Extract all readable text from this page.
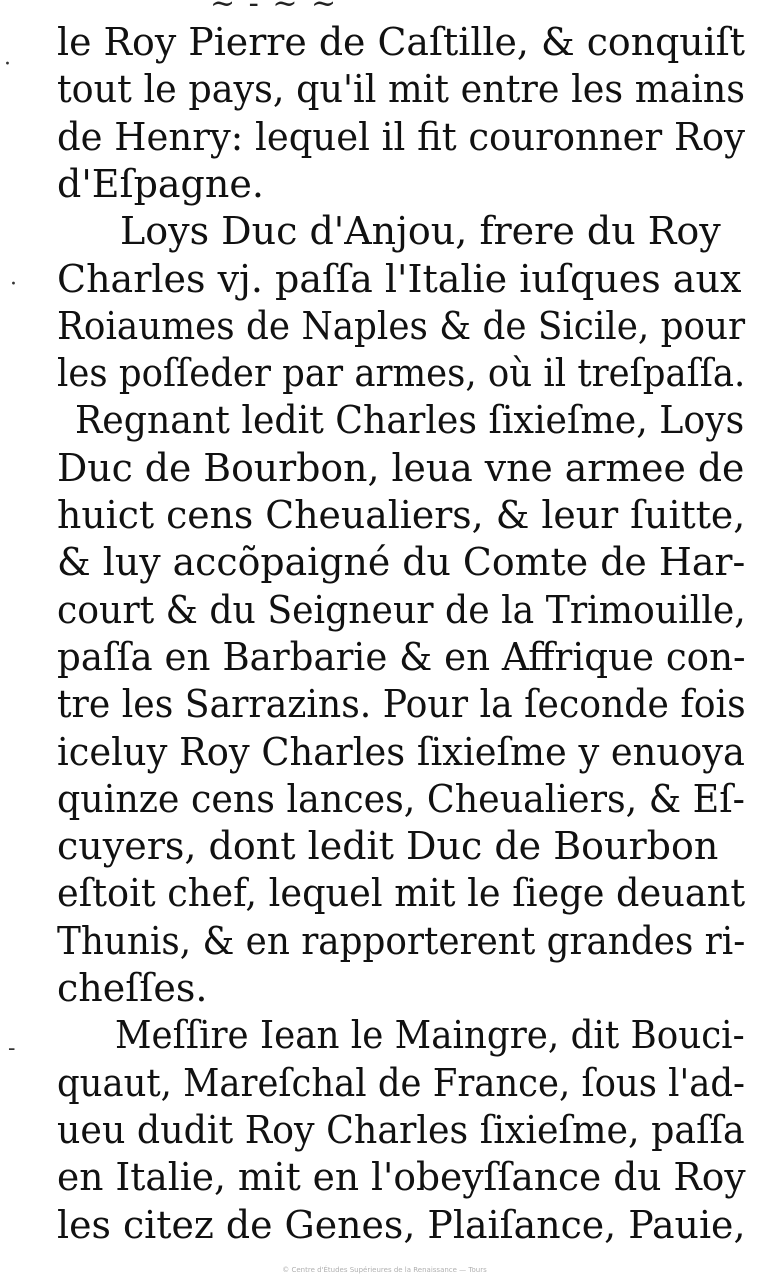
~ - ~ ~
·
·
-
le Roy Pierre de Caſtille, & conquiſt
tout le pays, qu'il mit entre les mains
de Henry: lequel il fit couronner Roy
d'Eſpagne.
Loys Duc d'Anjou, frere du Roy
Charles vj. paſſa l'Italie iuſques aux
Roiaumes de Naples & de Sicile, pour
les poſſeder par armes, où il treſpaſſa.
Regnant ledit Charles ſixieſme, Loys
Duc de Bourbon, leua vne armee de
huict cens Cheualiers, & leur ſuitte,
& luy accõpaigné du Comte de Har-
court & du Seigneur de la Trimouille,
paſſa en Barbarie & en Affrique con-
tre les Sarrazins. Pour la ſeconde fois
iceluy Roy Charles ſixieſme y enuoya
quinze cens lances, Cheualiers, & Eſ-
cuyers, dont ledit Duc de Bourbon
eſtoit chef, lequel mit le ſiege deuant
Thunis, & en rapporterent grandes ri-
cheſſes.
Meſſire Iean le Maingre, dit Bouci-
quaut, Mareſchal de France, ſous l'ad-
ueu dudit Roy Charles ſixieſme, paſſa
en Italie, mit en l'obeyſſance du Roy
les citez de Genes, Plaiſance, Pauie,
© Centre d'Études Supérieures de la Renaissance — Tours
